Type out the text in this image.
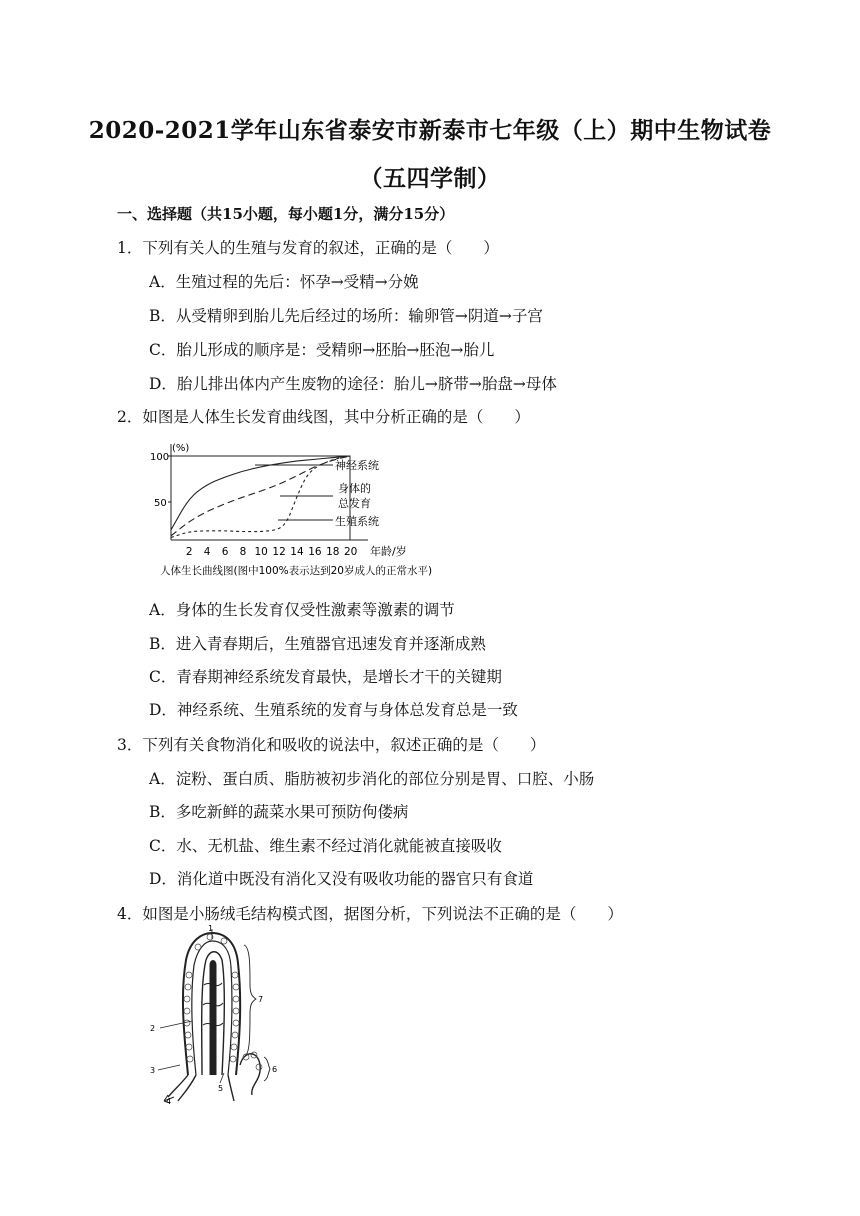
2020-2021学年山东省泰安市新泰市七年级（上）期中生物试卷
（五四学制）
一、选择题（共15小题，每小题1分，满分15分）
1．下列有关人的生殖与发育的叙述，正确的是（　　）
A．生殖过程的先后：怀孕→受精→分娩
B．从受精卵到胎儿先后经过的场所：输卵管→阴道→子宫
C．胎儿形成的顺序是：受精卵→胚胎→胚泡→胎儿
D．胎儿排出体内产生废物的途径：胎儿→脐带→胎盘→母体
2．如图是人体生长发育曲线图，其中分析正确的是（　　）
(%)
100
50
2 4 6 8 10 12 14 16 18 20 年龄/岁
神经系统
身体的
总发育
生殖系统
人体生长曲线图(图中100%表示达到20岁成人的正常水平)
A．身体的生长发育仅受性激素等激素的调节
B．进入青春期后，生殖器官迅速发育并逐渐成熟
C．青春期神经系统发育最快，是增长才干的关键期
D．神经系统、生殖系统的发育与身体总发育总是一致
3．下列有关食物消化和吸收的说法中，叙述正确的是（　　）
A．淀粉、蛋白质、脂肪被初步消化的部位分别是胃、口腔、小肠
B．多吃新鲜的蔬菜水果可预防佝偻病
C．水、无机盐、维生素不经过消化就能被直接吸收
D．消化道中既没有消化又没有吸收功能的器官只有食道
4．如图是小肠绒毛结构模式图，据图分析，下列说法不正确的是（　　）
1
2
3
4
5
6
7
